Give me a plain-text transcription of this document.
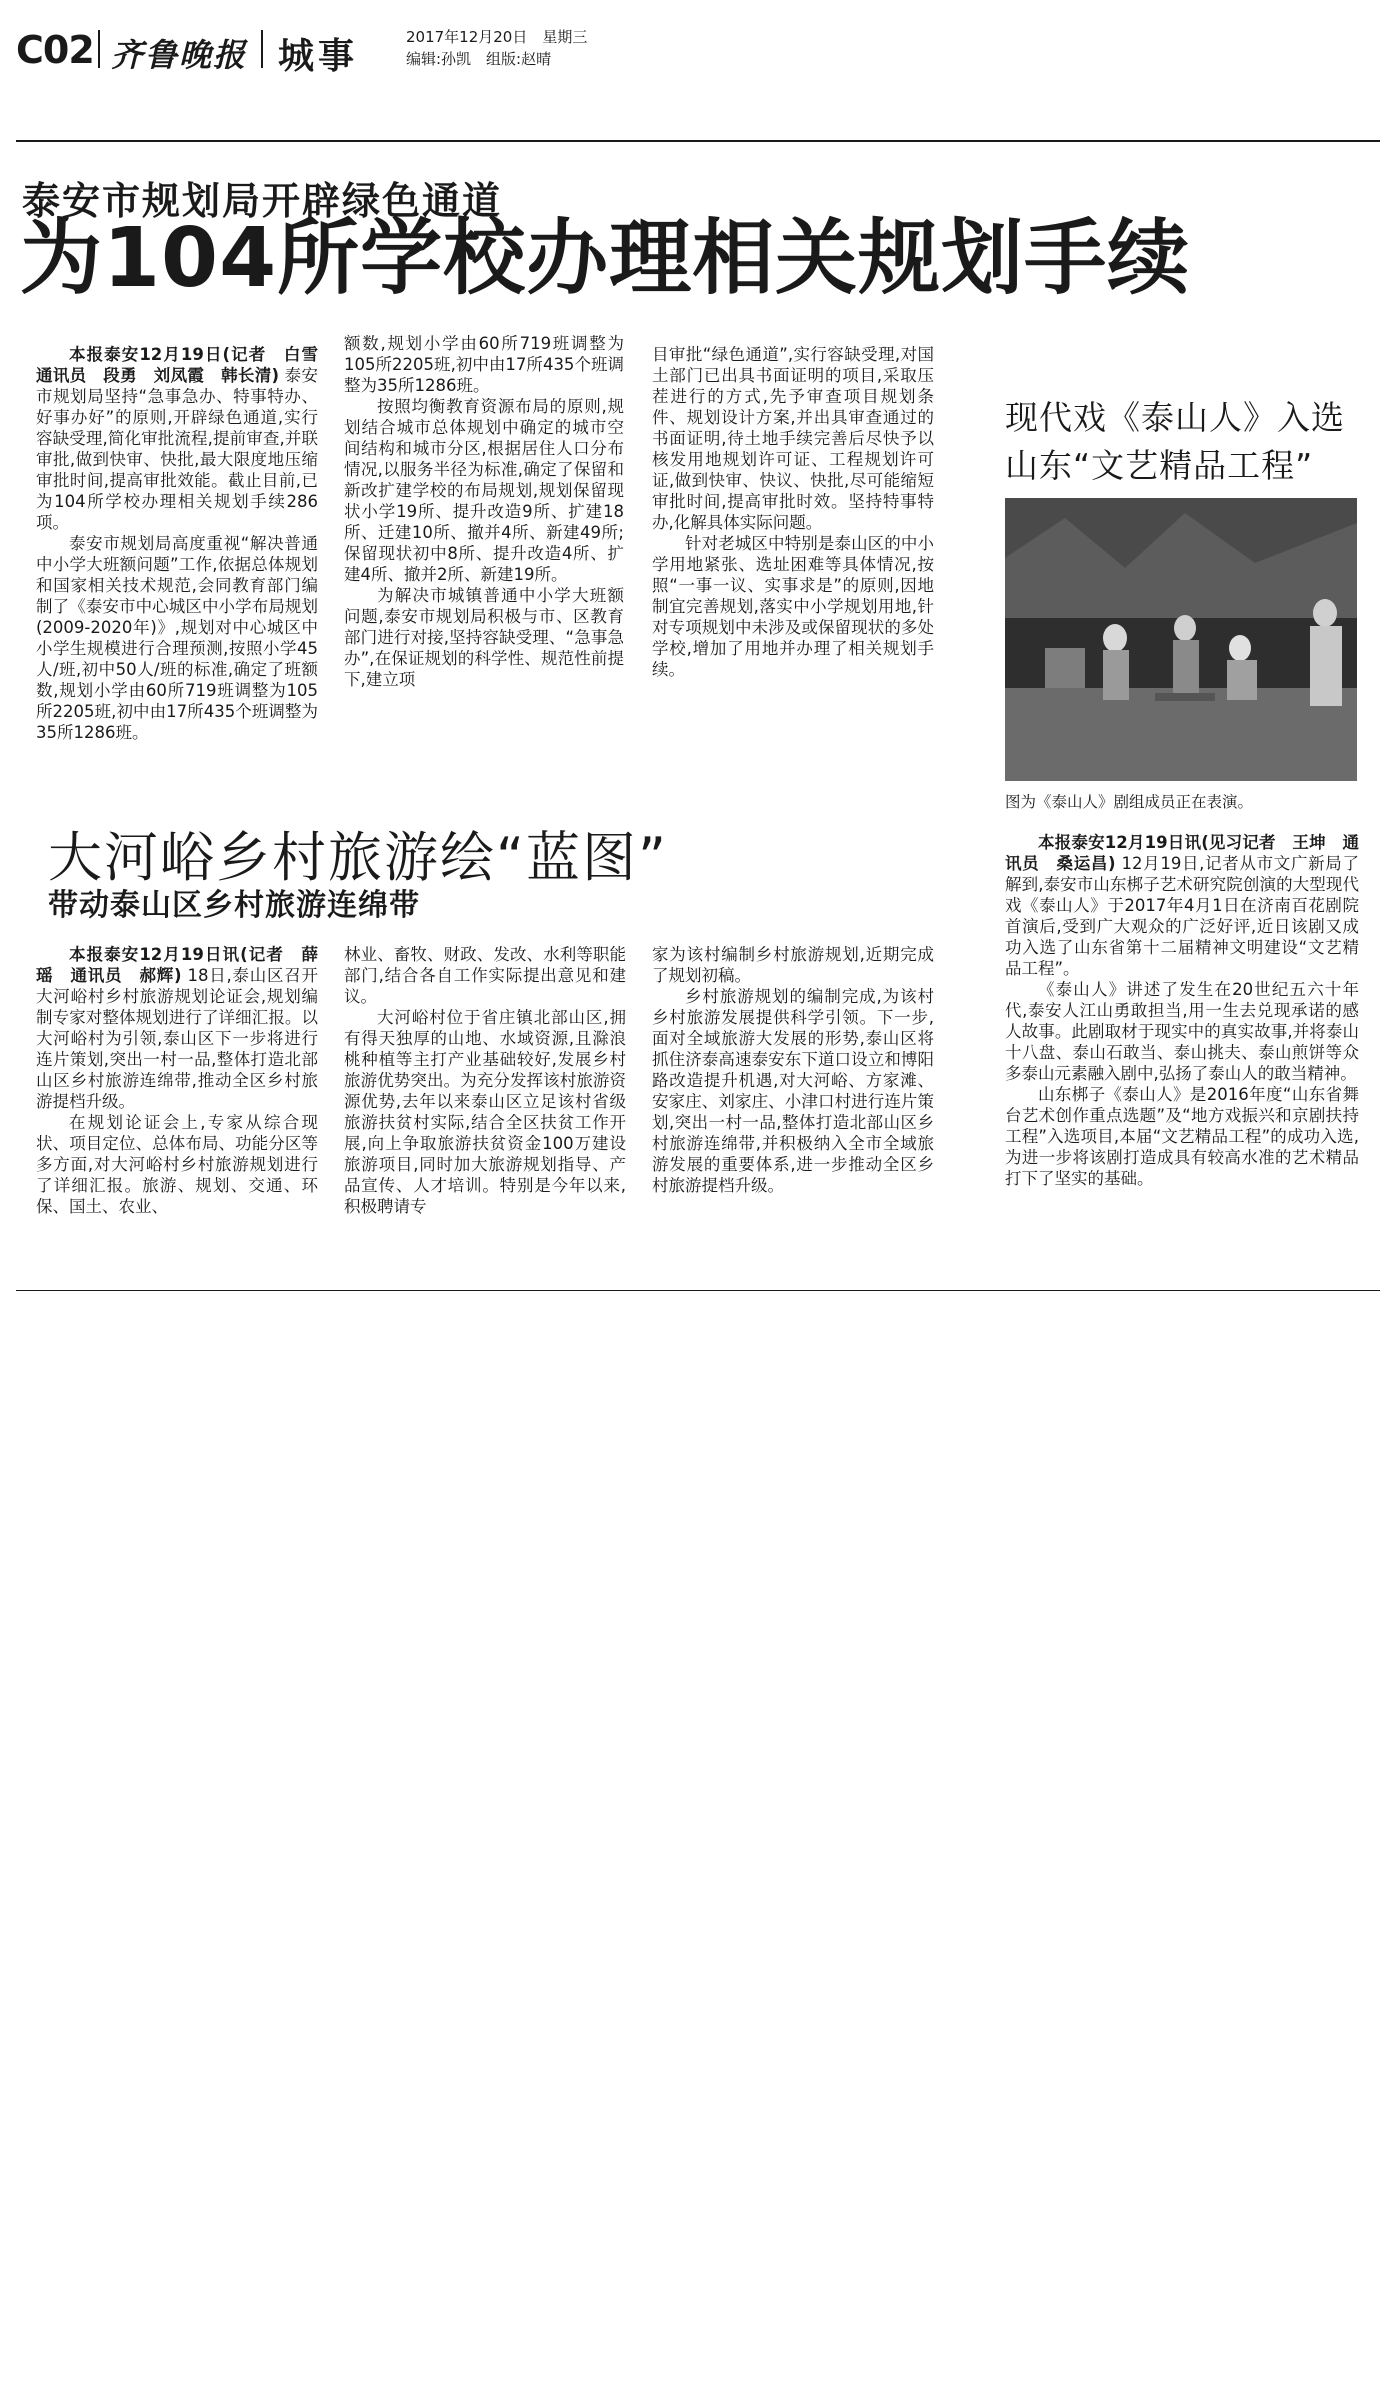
C02 齐鲁晚报 城事	2017年12月20日　星期三
编辑:孙凯　组版:赵晴
泰安市规划局开辟绿色通道
为104所学校办理相关规划手续

本报泰安12月19日(记者　白雪　通讯员　段勇　刘凤霞　韩长清) 泰安市规划局坚持“急事急办、特事特办、好事办好”的原则,开辟绿色通道,实行容缺受理,简化审批流程,提前审查,并联审批,做到快审、快批,最大限度地压缩审批时间,提高审批效能。截止目前,已为104所学校办理相关规划手续286项。

泰安市规划局高度重视“解决普通中小学大班额问题”工作,依据总体规划和国家相关技术规范,会同教育部门编制了《泰安市中心城区中小学布局规划(2009-2020年)》,规划对中心城区中小学生规模进行合理预测,按照小学45人/班,初中50人/班的标准,确定了班额数,规划小学由60所719班调整为105所2205班,初中由17所435个班调整为35所1286班。

额数,规划小学由60所719班调整为105所2205班,初中由17所435个班调整为35所1286班。

按照均衡教育资源布局的原则,规划结合城市总体规划中确定的城市空间结构和城市分区,根据居住人口分布情况,以服务半径为标准,确定了保留和新改扩建学校的布局规划,规划保留现状小学19所、提升改造9所、扩建18所、迁建10所、撤并4所、新建49所;保留现状初中8所、提升改造4所、扩建4所、撤并2所、新建19所。

为解决市城镇普通中小学大班额问题,泰安市规划局积极与市、区教育部门进行对接,坚持容缺受理、“急事急办”,在保证规划的科学性、规范性前提下,建立项

目审批“绿色通道”,实行容缺受理,对国土部门已出具书面证明的项目,采取压茬进行的方式,先予审查项目规划条件、规划设计方案,并出具审查通过的书面证明,待土地手续完善后尽快予以核发用地规划许可证、工程规划许可证,做到快审、快议、快批,尽可能缩短审批时间,提高审批时效。坚持特事特办,化解具体实际问题。

针对老城区中特别是泰山区的中小学用地紧张、选址困难等具体情况,按照“一事一议、实事求是”的原则,因地制宜完善规划,落实中小学规划用地,针对专项规划中未涉及或保留现状的多处学校,增加了用地并办理了相关规划手续。

现代戏《泰山人》入选
山东“文艺精品工程”
图为《泰山人》剧组成员正在表演。

本报泰安12月19日讯(见习记者　王坤　通讯员　桑运昌) 12月19日,记者从市文广新局了解到,泰安市山东梆子艺术研究院创演的大型现代戏《泰山人》于2017年4月1日在济南百花剧院首演后,受到广大观众的广泛好评,近日该剧又成功入选了山东省第十二届精神文明建设“文艺精品工程”。

《泰山人》讲述了发生在20世纪五六十年代,泰安人江山勇敢担当,用一生去兑现承诺的感人故事。此剧取材于现实中的真实故事,并将泰山十八盘、泰山石敢当、泰山挑夫、泰山煎饼等众多泰山元素融入剧中,弘扬了泰山人的敢当精神。

山东梆子《泰山人》是2016年度“山东省舞台艺术创作重点选题”及“地方戏振兴和京剧扶持工程”入选项目,本届“文艺精品工程”的成功入选,为进一步将该剧打造成具有较高水准的艺术精品打下了坚实的基础。

大河峪乡村旅游绘“蓝图”
带动泰山区乡村旅游连绵带

本报泰安12月19日讯(记者　薛瑶　通讯员　郝辉) 18日,泰山区召开大河峪村乡村旅游规划论证会,规划编制专家对整体规划进行了详细汇报。以大河峪村为引领,泰山区下一步将进行连片策划,突出一村一品,整体打造北部山区乡村旅游连绵带,推动全区乡村旅游提档升级。

在规划论证会上,专家从综合现状、项目定位、总体布局、功能分区等多方面,对大河峪村乡村旅游规划进行了详细汇报。旅游、规划、交通、环保、国土、农业、

林业、畜牧、财政、发改、水利等职能部门,结合各自工作实际提出意见和建议。

大河峪村位于省庄镇北部山区,拥有得天独厚的山地、水域资源,且滁浪桃种植等主打产业基础较好,发展乡村旅游优势突出。为充分发挥该村旅游资源优势,去年以来泰山区立足该村省级旅游扶贫村实际,结合全区扶贫工作开展,向上争取旅游扶贫资金100万建设旅游项目,同时加大旅游规划指导、产品宣传、人才培训。特别是今年以来,积极聘请专

家为该村编制乡村旅游规划,近期完成了规划初稿。

乡村旅游规划的编制完成,为该村乡村旅游发展提供科学引领。下一步,面对全域旅游大发展的形势,泰山区将抓住济泰高速泰安东下道口设立和博阳路改造提升机遇,对大河峪、方家滩、安家庄、刘家庄、小津口村进行连片策划,突出一村一品,整体打造北部山区乡村旅游连绵带,并积极纳入全市全域旅游发展的重要体系,进一步推动全区乡村旅游提档升级。
